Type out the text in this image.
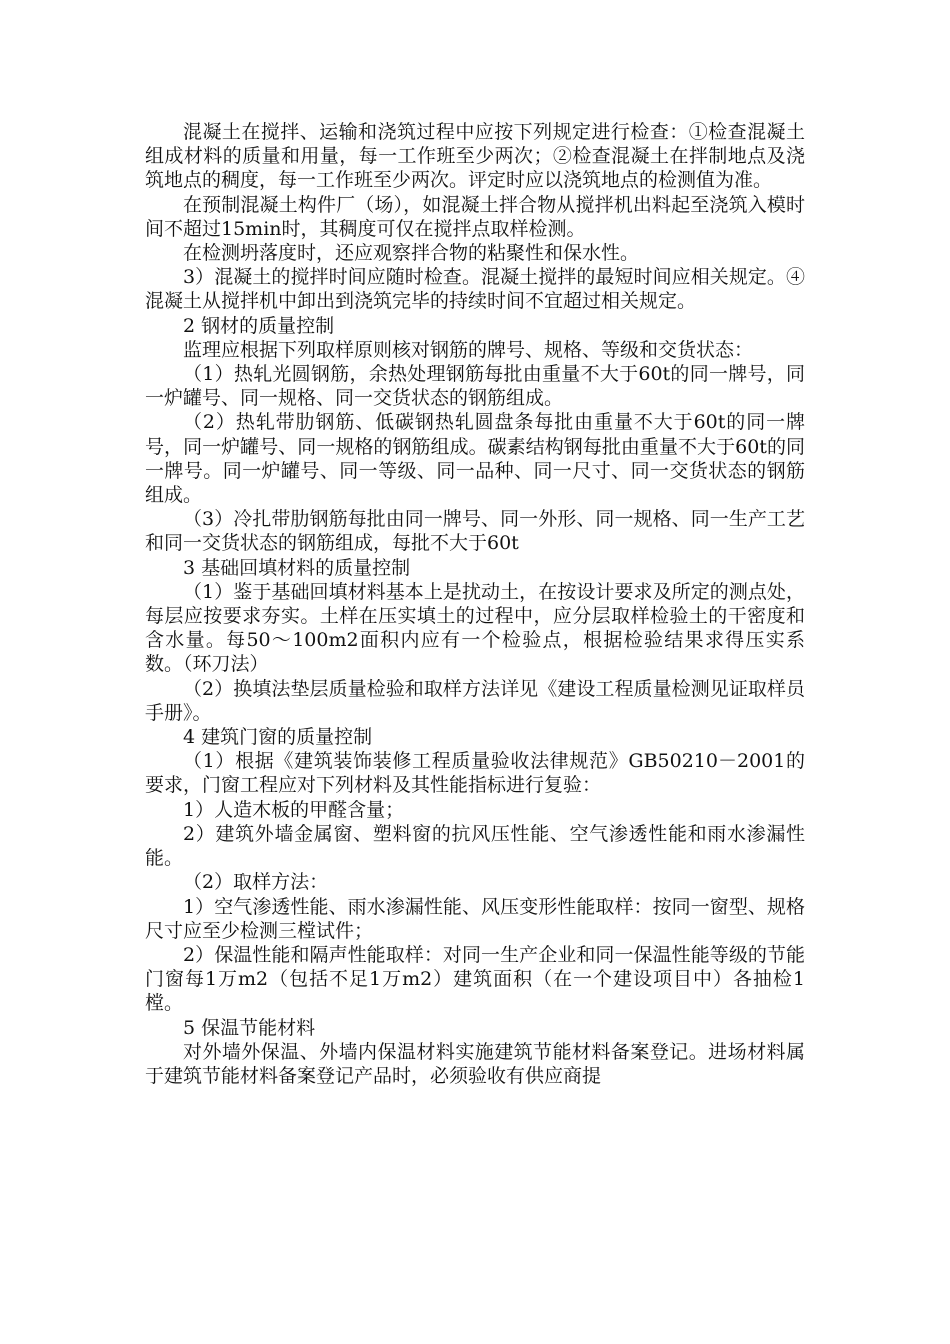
混凝土在搅拌、运输和浇筑过程中应按下列规定进行检查：①检查混凝土组成材料的质量和用量，每一工作班至少两次；②检查混凝土在拌制地点及浇筑地点的稠度，每一工作班至少两次。评定时应以浇筑地点的检测值为准。

在预制混凝土构件厂（场），如混凝土拌合物从搅拌机出料起至浇筑入模时间不超过15min时，其稠度可仅在搅拌点取样检测。

在检测坍落度时，还应观察拌合物的粘聚性和保水性。

3）混凝土的搅拌时间应随时检查。混凝土搅拌的最短时间应相关规定。④混凝土从搅拌机中卸出到浇筑完毕的持续时间不宜超过相关规定。

2 钢材的质量控制

监理应根据下列取样原则核对钢筋的牌号、规格、等级和交货状态：

（1）热轧光圆钢筋，余热处理钢筋每批由重量不大于60t的同一牌号，同一炉罐号、同一规格、同一交货状态的钢筋组成。

（2）热轧带肋钢筋、低碳钢热轧圆盘条每批由重量不大于60t的同一牌号，同一炉罐号、同一规格的钢筋组成。碳素结构钢每批由重量不大于60t的同一牌号。同一炉罐号、同一等级、同一品种、同一尺寸、同一交货状态的钢筋组成。

（3）冷扎带肋钢筋每批由同一牌号、同一外形、同一规格、同一生产工艺和同一交货状态的钢筋组成，每批不大于60t

3 基础回填材料的质量控制

（1）鉴于基础回填材料基本上是扰动土，在按设计要求及所定的测点处，每层应按要求夯实。土样在压实填土的过程中，应分层取样检验土的干密度和含水量。每50～100m2面积内应有一个检验点，根据检验结果求得压实系数。（环刀法）

（2）换填法垫层质量检验和取样方法详见《建设工程质量检测见证取样员手册》。

4 建筑门窗的质量控制

（1）根据《建筑装饰装修工程质量验收法律规范》GB50210－2001的要求，门窗工程应对下列材料及其性能指标进行复验：

1）人造木板的甲醛含量；

2）建筑外墙金属窗、塑料窗的抗风压性能、空气渗透性能和雨水渗漏性能。

（2）取样方法：

1）空气渗透性能、雨水渗漏性能、风压变形性能取样：按同一窗型、规格尺寸应至少检测三樘试件；

2）保温性能和隔声性能取样：对同一生产企业和同一保温性能等级的节能门窗每1万m2（包括不足1万m2）建筑面积（在一个建设项目中）各抽检1樘。

5 保温节能材料

对外墙外保温、外墙内保温材料实施建筑节能材料备案登记。进场材料属于建筑节能材料备案登记产品时，必须验收有供应商提
